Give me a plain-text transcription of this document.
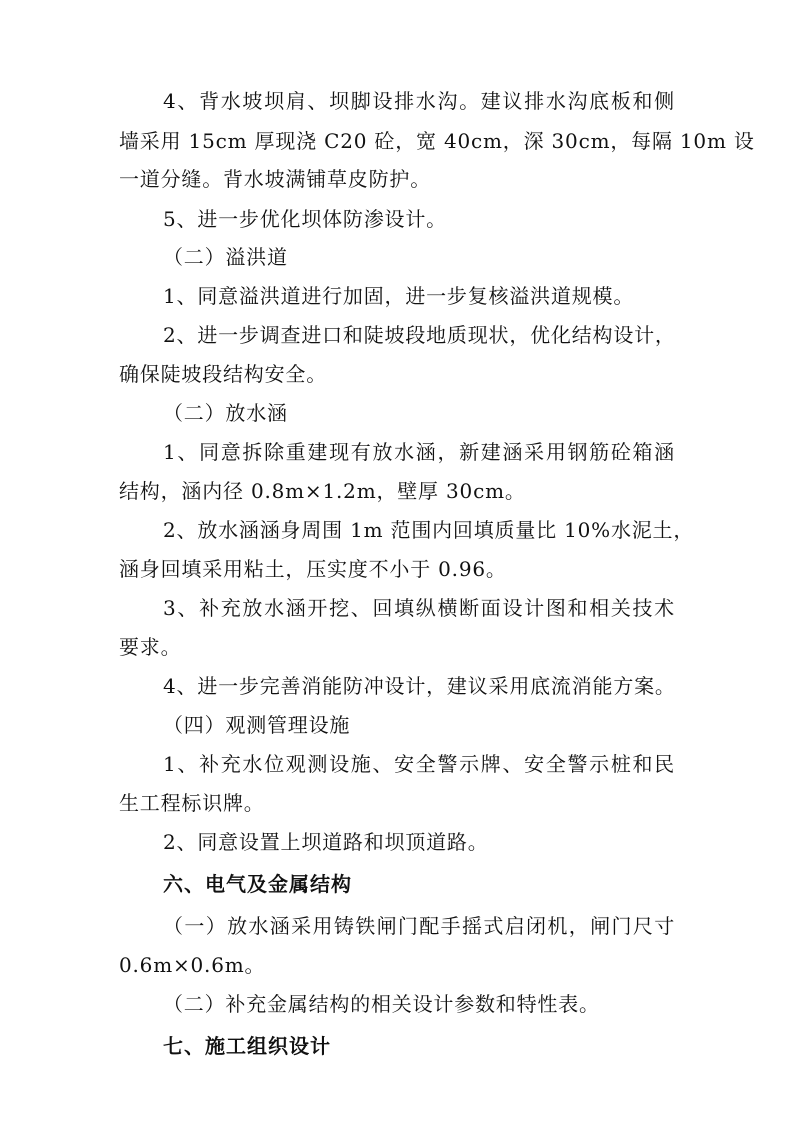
4、背水坡坝肩、坝脚设排水沟。建议排水沟底板和侧
墙采用 15cm 厚现浇 C20 砼，宽 40cm，深 30cm，每隔 10m 设
一道分缝。背水坡满铺草皮防护。
5、进一步优化坝体防渗设计。
（二）溢洪道
1、同意溢洪道进行加固，进一步复核溢洪道规模。
2、进一步调查进口和陡坡段地质现状，优化结构设计，
确保陡坡段结构安全。
（二）放水涵
1、同意拆除重建现有放水涵，新建涵采用钢筋砼箱涵
结构，涵内径 0.8m×1.2m，壁厚 30cm。
2、放水涵涵身周围 1m 范围内回填质量比 10%水泥土，
涵身回填采用粘土，压实度不小于 0.96。
3、补充放水涵开挖、回填纵横断面设计图和相关技术
要求。
4、进一步完善消能防冲设计，建议采用底流消能方案。
（四）观测管理设施
1、补充水位观测设施、安全警示牌、安全警示桩和民
生工程标识牌。
2、同意设置上坝道路和坝顶道路。
六、电气及金属结构
（一）放水涵采用铸铁闸门配手摇式启闭机，闸门尺寸
0.6m×0.6m。
（二）补充金属结构的相关设计参数和特性表。
七、施工组织设计
